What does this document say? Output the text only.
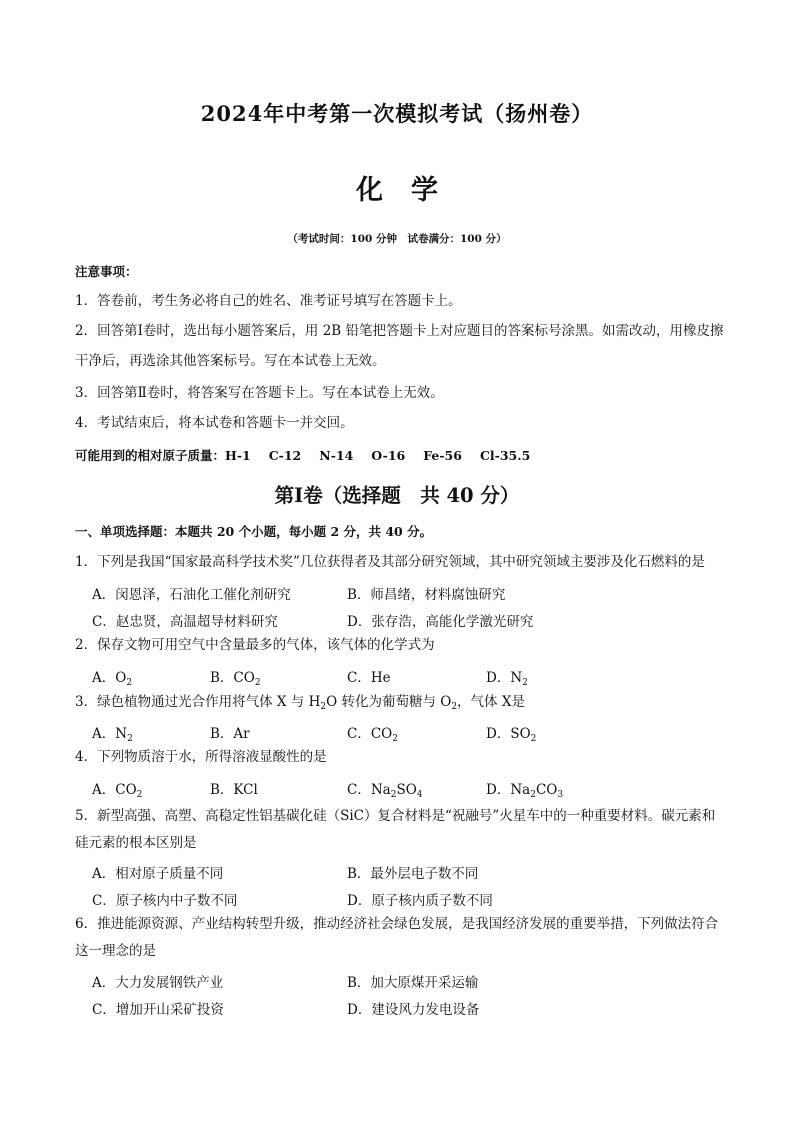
2024年中考第一次模拟考试（扬州卷）
化学
（考试时间：100 分钟　试卷满分：100 分）
注意事项：
1．答卷前，考生务必将自己的姓名、准考证号填写在答题卡上。
2．回答第Ⅰ卷时，选出每小题答案后，用 2B 铅笔把答题卡上对应题目的答案标号涂黑。如需改动，用橡皮擦干净后，再选涂其他答案标号。写在本试卷上无效。
3．回答第Ⅱ卷时，将答案写在答题卡上。写在本试卷上无效。
4．考试结束后，将本试卷和答题卡一并交回。
可能用到的相对原子质量：H-1 C-12 N-14 O-16 Fe-56 Cl-35.5
第Ⅰ卷（选择题　共 40 分）
一、单项选择题：本题共 20 个小题，每小题 2 分，共 40 分。
1．下列是我国“国家最高科学技术奖”几位获得者及其部分研究领域，其中研究领域主要涉及化石燃料的是
A．闵恩泽，石油化工催化剂研究	B．师昌绪，材料腐蚀研究
C．赵忠贤，高温超导材料研究	D．张存浩，高能化学激光研究
2．保存文物可用空气中含量最多的气体，该气体的化学式为
A．$O_2$	B．$CO_2$	C．He	D．$N_2$
3．绿色植物通过光合作用将气体 X 与 $H_2O$ 转化为葡萄糖与 $O_2$，气体 X是
A．$N_2$	B．Ar	C．$CO_2$	D．$SO_2$
4．下列物质溶于水，所得溶液显酸性的是
A．$CO_2$	B．KCl	C．$Na_2SO_4$	D．$Na_2CO_3$
5．新型高强、高塑、高稳定性铝基碳化硅（SiC）复合材料是“祝融号”火星车中的一种重要材料。碳元素和硅元素的根本区别是
A．相对原子质量不同	B．最外层电子数不同
C．原子核内中子数不同	D．原子核内质子数不同
6．推进能源资源、产业结构转型升级，推动经济社会绿色发展，是我国经济发展的重要举措，下列做法符合这一理念的是
A．大力发展钢铁产业	B．加大原煤开采运输
C．增加开山采矿投资	D．建设风力发电设备
